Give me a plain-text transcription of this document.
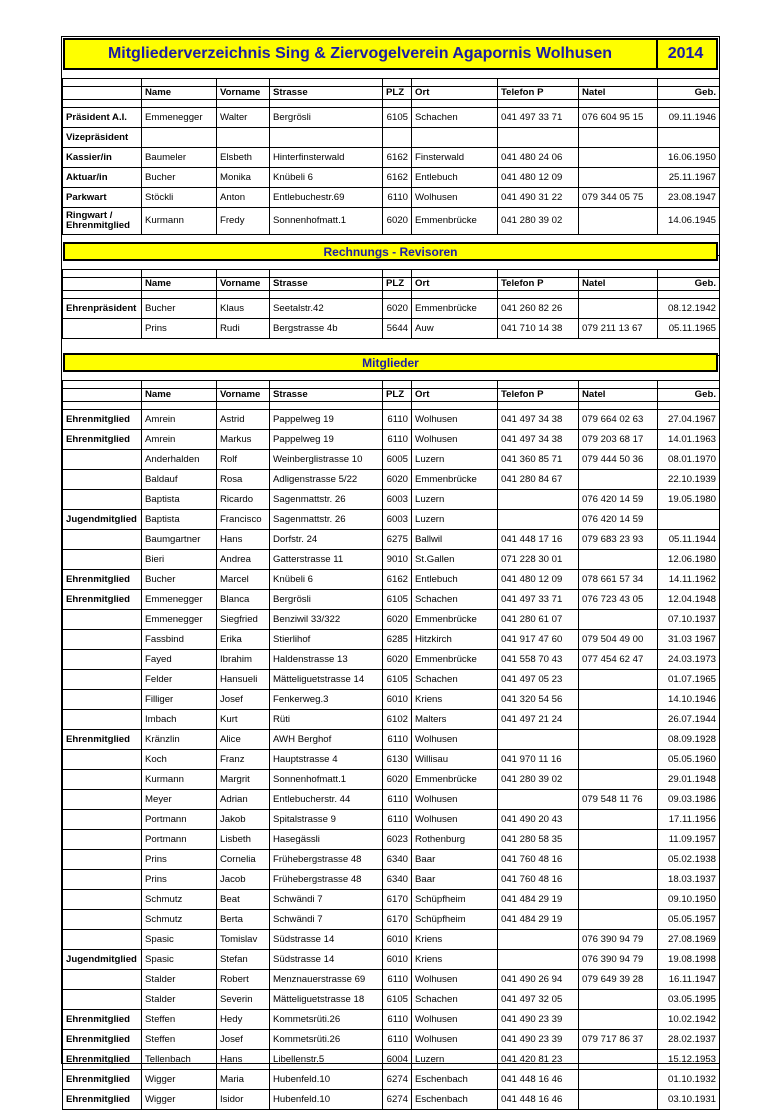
Mitgliederverzeichnis Sing & Ziervogelverein Agapornis Wolhusen	2014

	Name	Vorname	Strasse	PLZ	Ort	Telefon P	Natel	Geb.

Präsident A.I.	Emmenegger	Walter	Bergrösli	6105	Schachen	041 497 33 71	076 604 95 15	09.11.1946
Vizepräsident								
Kassier/in	Baumeler	Elsbeth	Hinterfinsterwald	6162	Finsterwald	041 480 24 06		16.06.1950
Aktuar/in	Bucher	Monika	Knübeli 6	6162	Entlebuch	041 480 12 09		25.11.1967
Parkwart	Stöckli	Anton	Entlebuchestr.69	6110	Wolhusen	041 490 31 22	079 344 05 75	23.08.1947
Ringwart / Ehrenmitglied	Kurmann	Fredy	Sonnenhofmatt.1	6020	Emmenbrücke	041 280 39 02		14.06.1945

Rechnungs - Revisoren

	Name	Vorname	Strasse	PLZ	Ort	Telefon P	Natel	Geb.

Ehrenpräsident	Bucher	Klaus	Seetalstr.42	6020	Emmenbrücke	041 260 82 26		08.12.1942
	Prins	Rudi	Bergstrasse 4b	5644	Auw	041 710 14 38	079 211 13 67	05.11.1965

Mitglieder

	Name	Vorname	Strasse	PLZ	Ort	Telefon P	Natel	Geb.

Ehrenmitglied	Amrein	Astrid	Pappelweg 19	6110	Wolhusen	041 497 34 38	079 664 02 63	27.04.1967
Ehrenmitglied	Amrein	Markus	Pappelweg 19	6110	Wolhusen	041 497 34 38	079 203 68 17	14.01.1963
	Anderhalden	Rolf	Weinberglistrasse 10	6005	Luzern	041 360 85 71	079 444 50 36	08.01.1970
	Baldauf	Rosa	Adligenstrasse 5/22	6020	Emmenbrücke	041 280 84 67		22.10.1939
	Baptista	Ricardo	Sagenmattstr. 26	6003	Luzern		076 420 14 59	19.05.1980
Jugendmitglied	Baptista	Francisco	Sagenmattstr. 26	6003	Luzern		076 420 14 59	
	Baumgartner	Hans	Dorfstr. 24	6275	Ballwil	041 448 17 16	079 683 23 93	05.11.1944
	Bieri	Andrea	Gatterstrasse 11	9010	St.Gallen	071 228 30 01		12.06.1980
Ehrenmitglied	Bucher	Marcel	Knübeli 6	6162	Entlebuch	041 480 12 09	078 661 57 34	14.11.1962
Ehrenmitglied	Emmenegger	Blanca	Bergrösli	6105	Schachen	041 497 33 71	076 723 43 05	12.04.1948
	Emmenegger	Siegfried	Benziwil 33/322	6020	Emmenbrücke	041 280 61 07		07.10.1937
	Fassbind	Erika	Stierlihof	6285	Hitzkirch	041 917 47 60	079 504 49 00	31.03 1967
	Fayed	Ibrahim	Haldenstrasse 13	6020	Emmenbrücke	041 558 70 43	077 454 62 47	24.03.1973
	Felder	Hansueli	Mätteliguetstrasse 14	6105	Schachen	041 497 05 23		01.07.1965
	Filliger	Josef	Fenkerweg.3	6010	Kriens	041 320 54 56		14.10.1946
	Imbach	Kurt	Rüti	6102	Malters	041 497 21 24		26.07.1944
Ehrenmitglied	Kränzlin	Alice	AWH Berghof	6110	Wolhusen			08.09.1928
	Koch	Franz	Hauptstrasse 4	6130	Willisau	041 970 11 16		05.05.1960
	Kurmann	Margrit	Sonnenhofmatt.1	6020	Emmenbrücke	041 280 39 02		29.01.1948
	Meyer	Adrian	Entlebucherstr. 44	6110	Wolhusen		079 548 11 76	09.03.1986
	Portmann	Jakob	Spitalstrasse 9	6110	Wolhusen	041 490 20 43		17.11.1956
	Portmann	Lisbeth	Hasegässli	6023	Rothenburg	041 280 58 35		11.09.1957
	Prins	Cornelia	Frühebergstrasse 48	6340	Baar	041 760 48 16		05.02.1938
	Prins	Jacob	Frühebergstrasse 48	6340	Baar	041 760 48 16		18.03.1937
	Schmutz	Beat	Schwändi 7	6170	Schüpfheim	041 484 29 19		09.10.1950
	Schmutz	Berta	Schwändi 7	6170	Schüpfheim	041 484 29 19		05.05.1957
	Spasic	Tomislav	Südstrasse 14	6010	Kriens		076 390 94 79	27.08.1969
Jugendmitglied	Spasic	Stefan	Südstrasse 14	6010	Kriens		076 390 94 79	19.08.1998
	Stalder	Robert	Menznauerstrasse 69	6110	Wolhusen	041 490 26 94	079 649 39 28	16.11.1947
	Stalder	Severin	Mätteliguetstrasse 18	6105	Schachen	041 497 32 05		03.05.1995
Ehrenmitglied	Steffen	Hedy	Kommetsrüti.26	6110	Wolhusen	041 490 23 39		10.02.1942
Ehrenmitglied	Steffen	Josef	Kommetsrüti.26	6110	Wolhusen	041 490 23 39	079 717 86 37	28.02.1937
Ehrenmitglied	Tellenbach	Hans	Libellenstr.5	6004	Luzern	041 420 81 23		15.12.1953
Ehrenmitglied	Wigger	Maria	Hubenfeld.10	6274	Eschenbach	041 448 16 46		01.10.1932
Ehrenmitglied	Wigger	Isidor	Hubenfeld.10	6274	Eschenbach	041 448 16 46		03.10.1931
